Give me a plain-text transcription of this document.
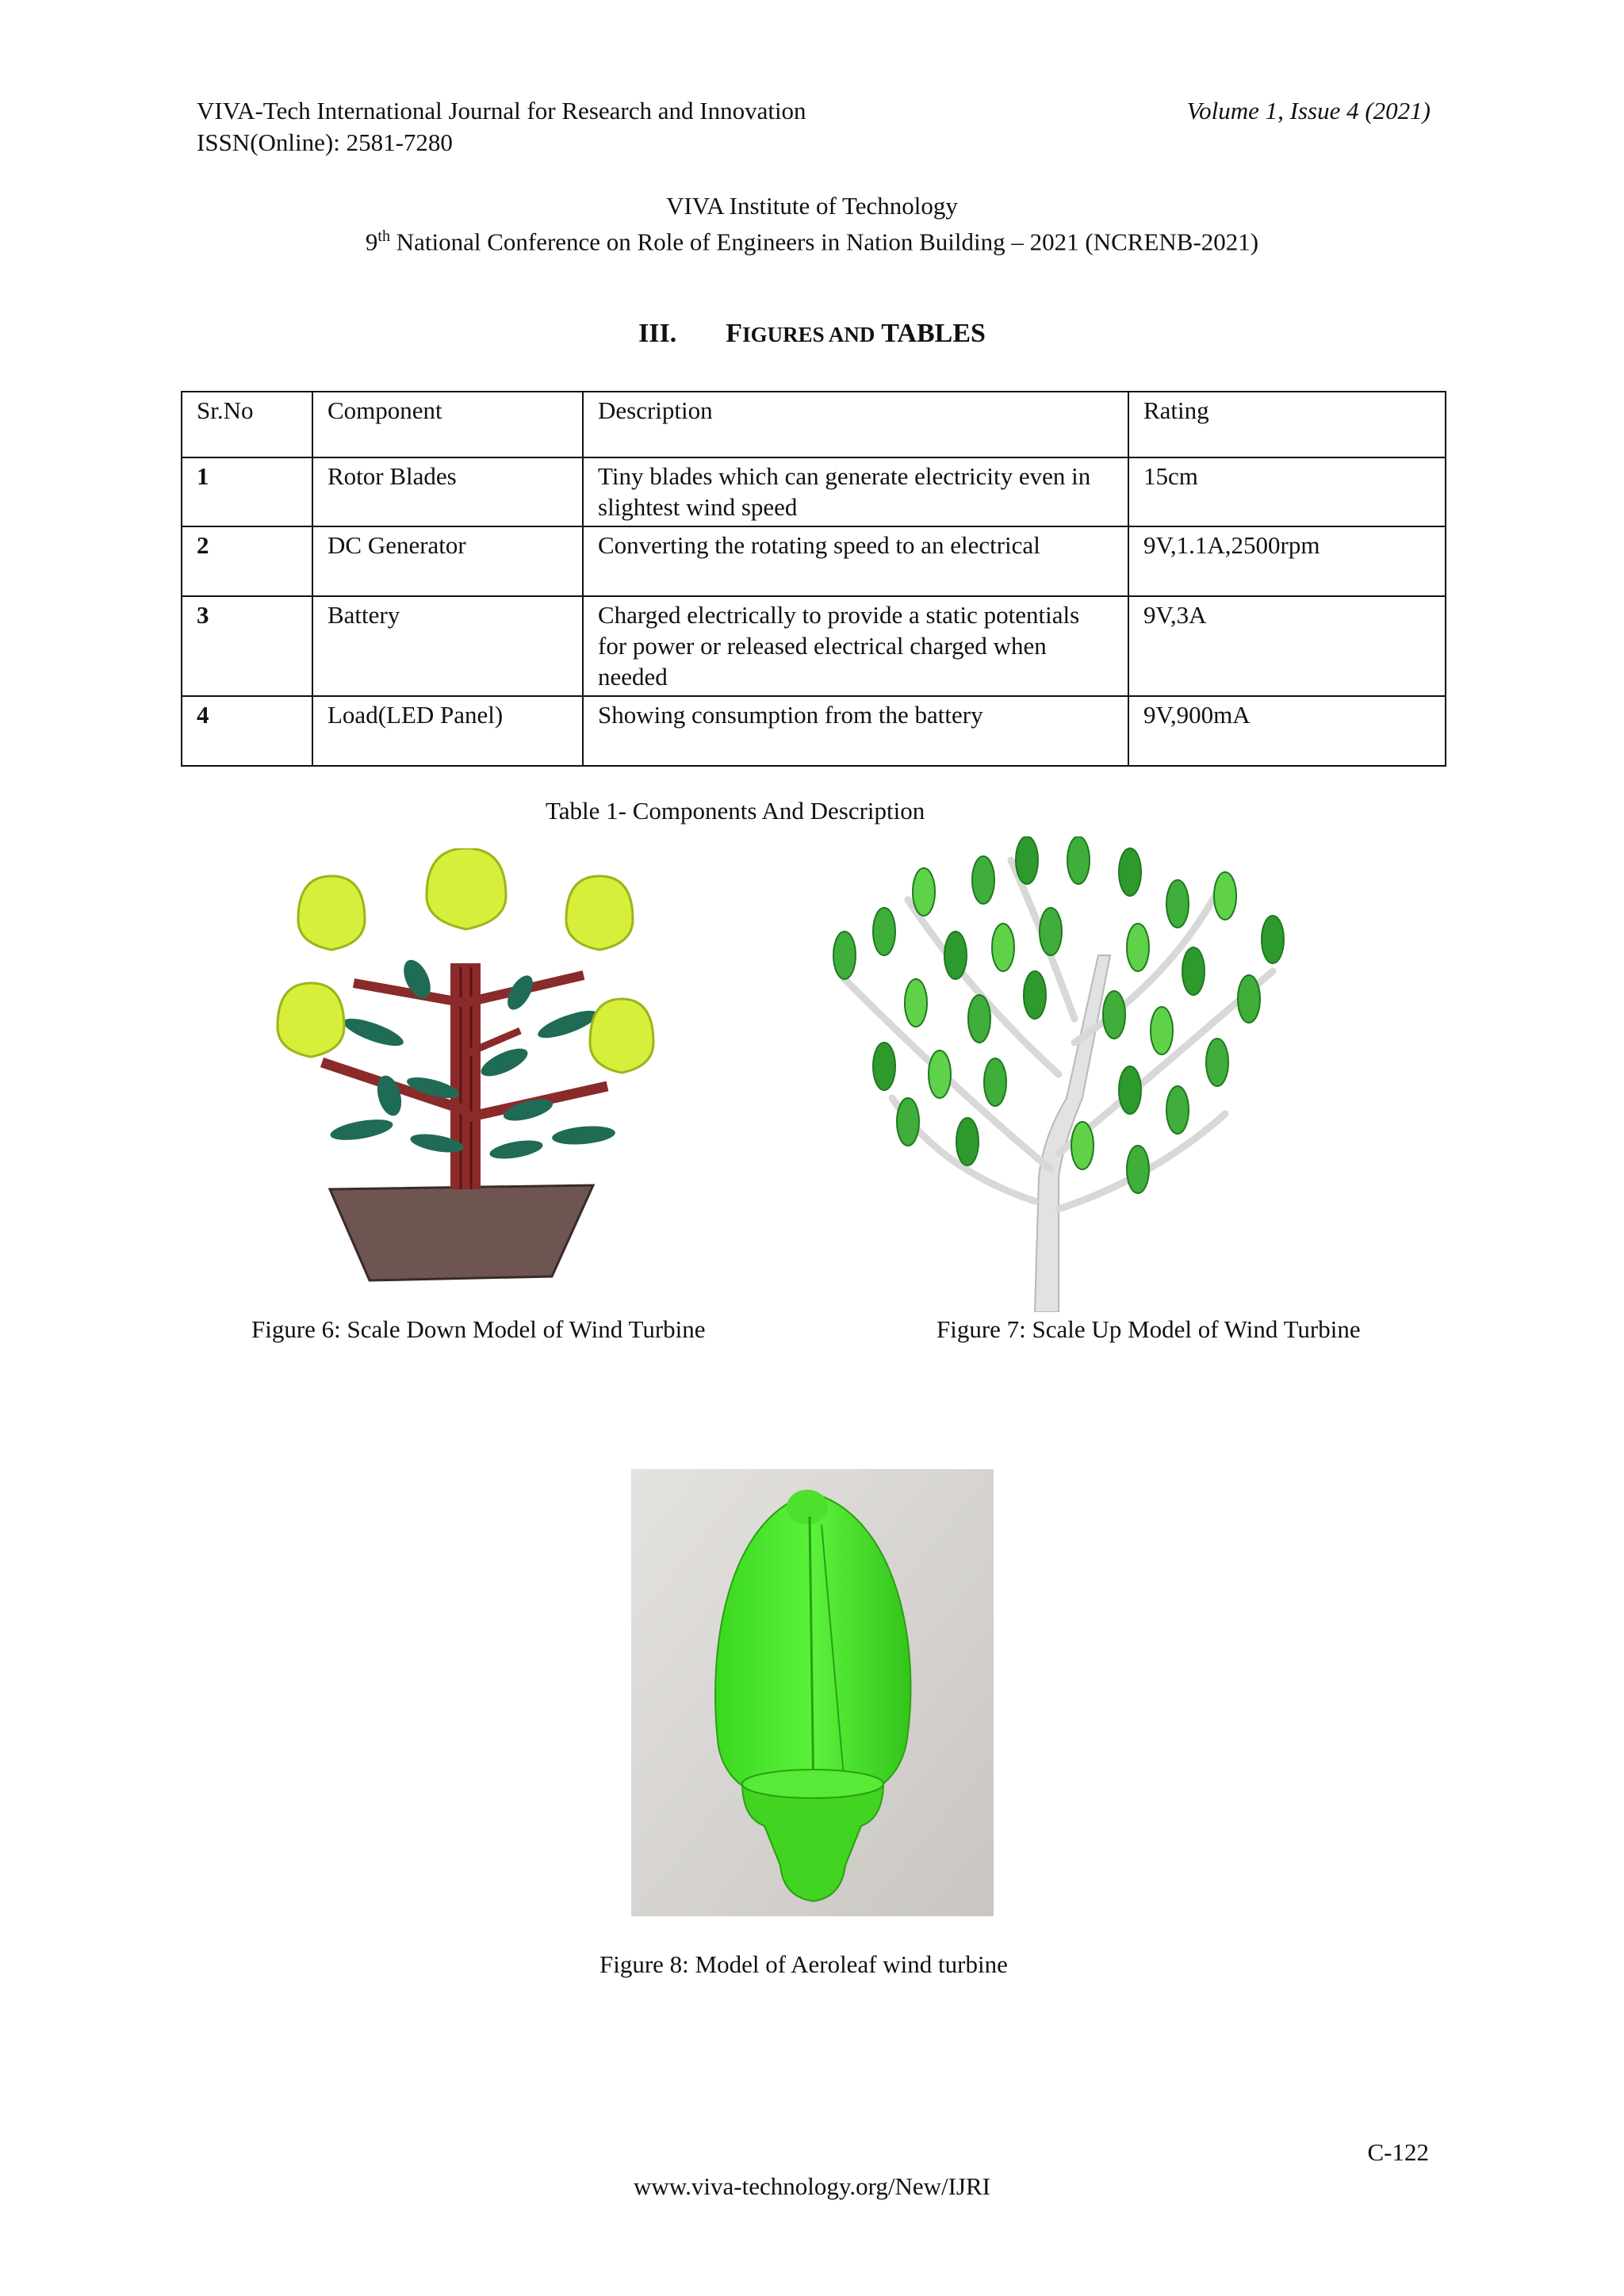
VIVA-Tech International Journal for Research and Innovation
ISSN(Online): 2581-7280
Volume 1, Issue 4 (2021)
VIVA Institute of Technology
9th National Conference on Role of Engineers in Nation Building – 2021 (NCRENB-2021)
III. FIGURES AND TABLES
Sr.No	Component	Description	Rating
1	Rotor Blades	Tiny blades which can generate electricity even in slightest wind speed	15cm
2	DC Generator	Converting the rotating speed to an electrical	9V,1.1A,2500rpm
3	Battery	Charged electrically to provide a static potentials for power or released electrical charged when needed	9V,3A
4	Load(LED Panel)	Showing consumption from the battery	9V,900mA
Table 1- Components And Description
Figure 6: Scale Down Model of Wind Turbine	Figure 7: Scale Up Model of Wind Turbine
Figure 8: Model of Aeroleaf wind turbine
C-122
www.viva-technology.org/New/IJRI
